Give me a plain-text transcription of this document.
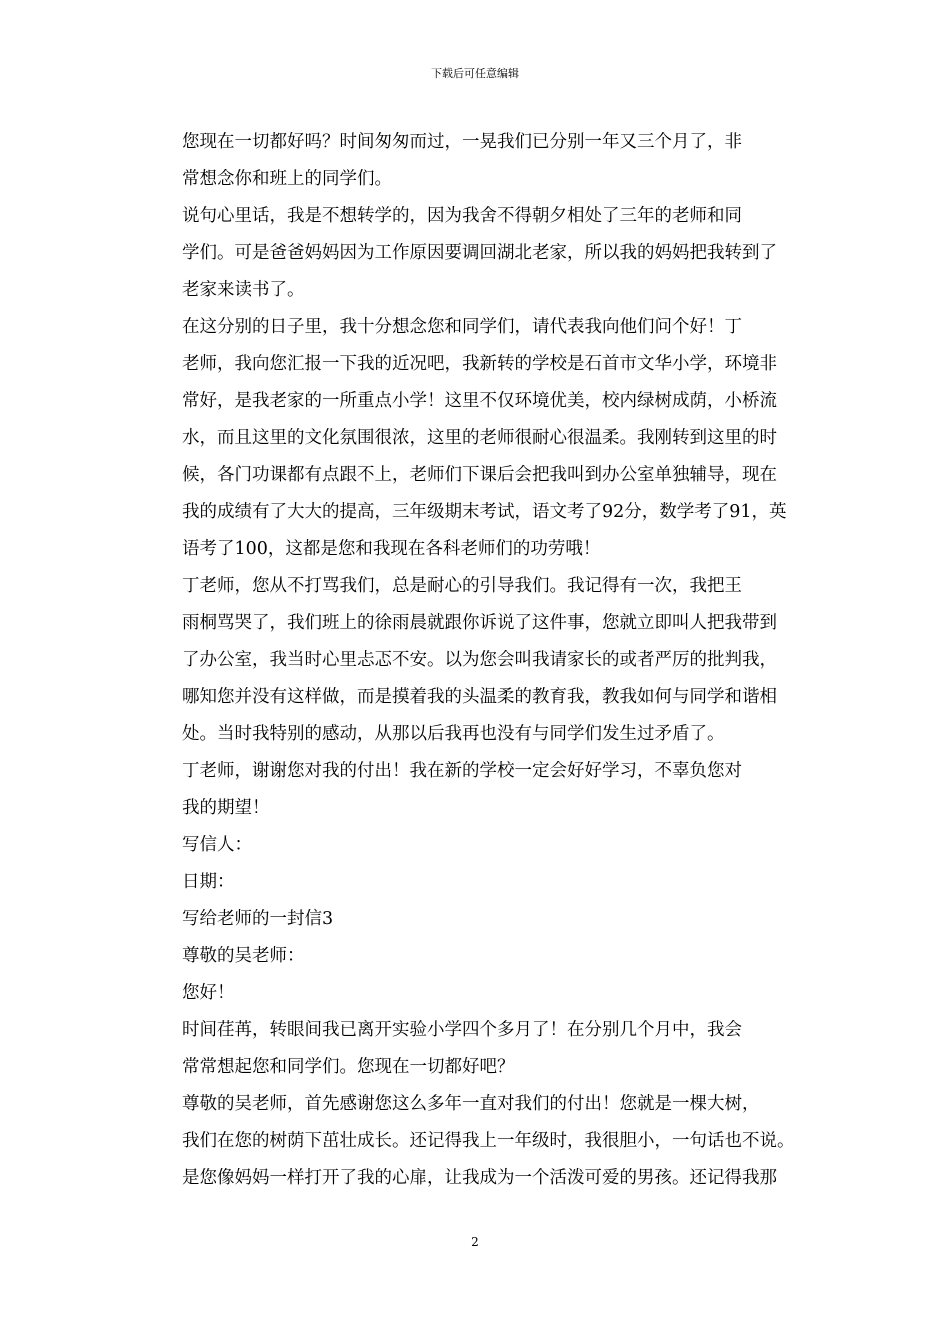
下载后可任意编辑

您现在一切都好吗？时间匆匆而过，一晃我们已分别一年又三个月了，非
常想念你和班上的同学们。

说句心里话，我是不想转学的，因为我舍不得朝夕相处了三年的老师和同
学们。可是爸爸妈妈因为工作原因要调回湖北老家，所以我的妈妈把我转到了
老家来读书了。

在这分别的日子里，我十分想念您和同学们，请代表我向他们问个好！丁
老师，我向您汇报一下我的近况吧，我新转的学校是石首市文华小学，环境非
常好，是我老家的一所重点小学！这里不仅环境优美，校内绿树成荫，小桥流
水，而且这里的文化氛围很浓，这里的老师很耐心很温柔。我刚转到这里的时
候，各门功课都有点跟不上，老师们下课后会把我叫到办公室单独辅导，现在
我的成绩有了大大的提高，三年级期末考试，语文考了92分，数学考了91，英
语考了100，这都是您和我现在各科老师们的功劳哦！

丁老师，您从不打骂我们，总是耐心的引导我们。我记得有一次，我把王
雨桐骂哭了，我们班上的徐雨晨就跟你诉说了这件事，您就立即叫人把我带到
了办公室，我当时心里忐忑不安。以为您会叫我请家长的或者严厉的批判我，
哪知您并没有这样做，而是摸着我的头温柔的教育我，教我如何与同学和谐相
处。当时我特别的感动，从那以后我再也没有与同学们发生过矛盾了。

丁老师，谢谢您对我的付出！我在新的学校一定会好好学习，不辜负您对
我的期望！

写信人：

日期：

写给老师的一封信3

尊敬的吴老师：

您好！

时间荏苒，转眼间我已离开实验小学四个多月了！在分别几个月中，我会
常常想起您和同学们。您现在一切都好吧？

尊敬的吴老师，首先感谢您这么多年一直对我们的付出！您就是一棵大树，
我们在您的树荫下茁壮成长。还记得我上一年级时，我很胆小，一句话也不说。
是您像妈妈一样打开了我的心扉，让我成为一个活泼可爱的男孩。还记得我那

2
